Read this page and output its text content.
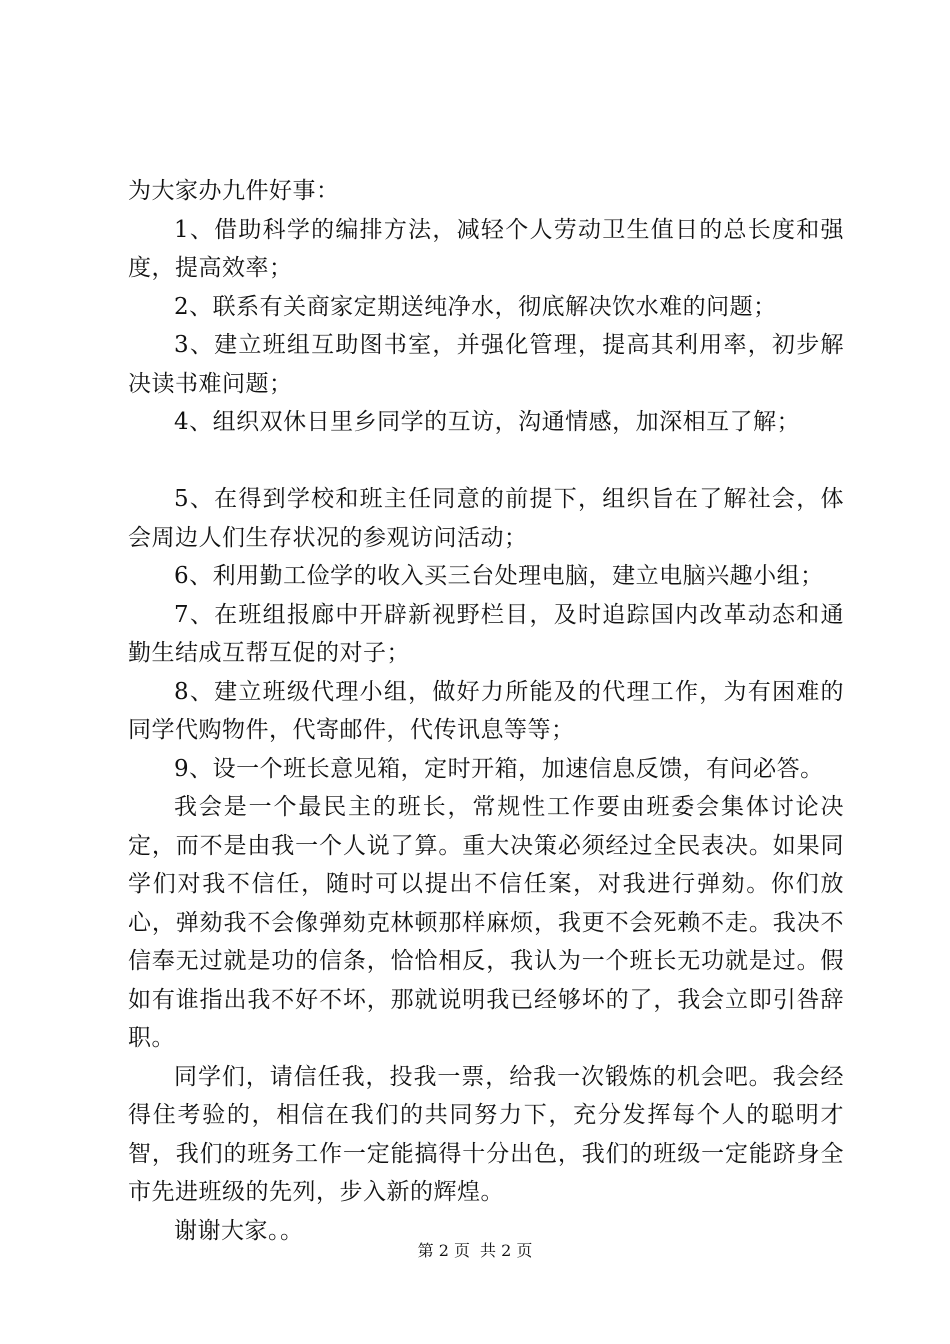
为大家办九件好事：

1、借助科学的编排方法，减轻个人劳动卫生值日的总长度和强度，提高效率；

2、联系有关商家定期送纯净水，彻底解决饮水难的问题；

3、建立班组互助图书室，并强化管理，提高其利用率，初步解决读书难问题；

4、组织双休日里乡同学的互访，沟通情感，加深相互了解；

5、在得到学校和班主任同意的前提下，组织旨在了解社会，体会周边人们生存状况的参观访问活动；

6、利用勤工俭学的收入买三台处理电脑，建立电脑兴趣小组；

7、在班组报廊中开辟新视野栏目，及时追踪国内改革动态和通勤生结成互帮互促的对子；

8、建立班级代理小组，做好力所能及的代理工作，为有困难的同学代购物件，代寄邮件，代传讯息等等；

9、设一个班长意见箱，定时开箱，加速信息反馈，有问必答。

我会是一个最民主的班长，常规性工作要由班委会集体讨论决定，而不是由我一个人说了算。重大决策必须经过全民表决。如果同学们对我不信任，随时可以提出不信任案，对我进行弹劾。你们放心，弹劾我不会像弹劾克林顿那样麻烦，我更不会死赖不走。我决不信奉无过就是功的信条，恰恰相反，我认为一个班长无功就是过。假如有谁指出我不好不坏，那就说明我已经够坏的了，我会立即引咎辞职。

同学们，请信任我，投我一票，给我一次锻炼的机会吧。我会经得住考验的，相信在我们的共同努力下，充分发挥每个人的聪明才智，我们的班务工作一定能搞得十分出色，我们的班级一定能跻身全市先进班级的先列，步入新的辉煌。

谢谢大家。。

第 2 页 共 2 页
